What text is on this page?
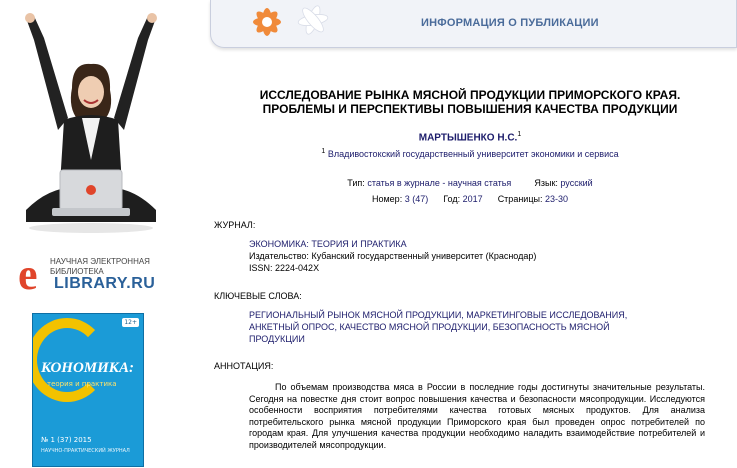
e НАУЧНАЯ ЭЛЕКТРОННАЯ
БИБЛИОТЕКА
LIBRARY.RU
12+
КОНОМИКА:
теория и практика
№ 1 (37) 2015
НАУЧНО-ПРАКТИЧЕСКИЙ ЖУРНАЛ
ИНФОРМАЦИЯ О ПУБЛИКАЦИИ
ИССЛЕДОВАНИЕ РЫНКА МЯСНОЙ ПРОДУКЦИИ ПРИМОРСКОГО КРАЯ.
ПРОБЛЕМЫ И ПЕРСПЕКТИВЫ ПОВЫШЕНИЯ КАЧЕСТВА ПРОДУКЦИИ
МАРТЫШЕНКО Н.С.$^1$
$^1$ Владивостокский государственный университет экономики и сервиса
Тип: статья в журнале - научная статья	Язык: русский
Номер: 3 (47) Год: 2017 Страницы: 23-30
ЖУРНАЛ:
ЭКОНОМИКА: ТЕОРИЯ И ПРАКТИКА
Издательство: Кубанский государственный университет (Краснодар)
ISSN: 2224-042X
КЛЮЧЕВЫЕ СЛОВА:
РЕГИОНАЛЬНЫЙ РЫНОК МЯСНОЙ ПРОДУКЦИИ, МАРКЕТИНГОВЫЕ ИССЛЕДОВАНИЯ,
АНКЕТНЫЙ ОПРОС, КАЧЕСТВО МЯСНОЙ ПРОДУКЦИИ, БЕЗОПАСНОСТЬ МЯСНОЙ
ПРОДУКЦИИ
АННОТАЦИЯ:
По объемам производства мяса в России в последние годы достигнуты значительные результаты. Сегодня на повестке дня стоит вопрос повышения качества и безопасности мясопродукции. Исследуются особенности восприятия потребителями качества готовых мясных продуктов. Для анализа потребительского рынка мясной продукции Приморского края был проведен опрос потребителей по городам края. Для улучшения качества продукции необходимо наладить взаимодействие потребителей и производителей мясопродукции.
